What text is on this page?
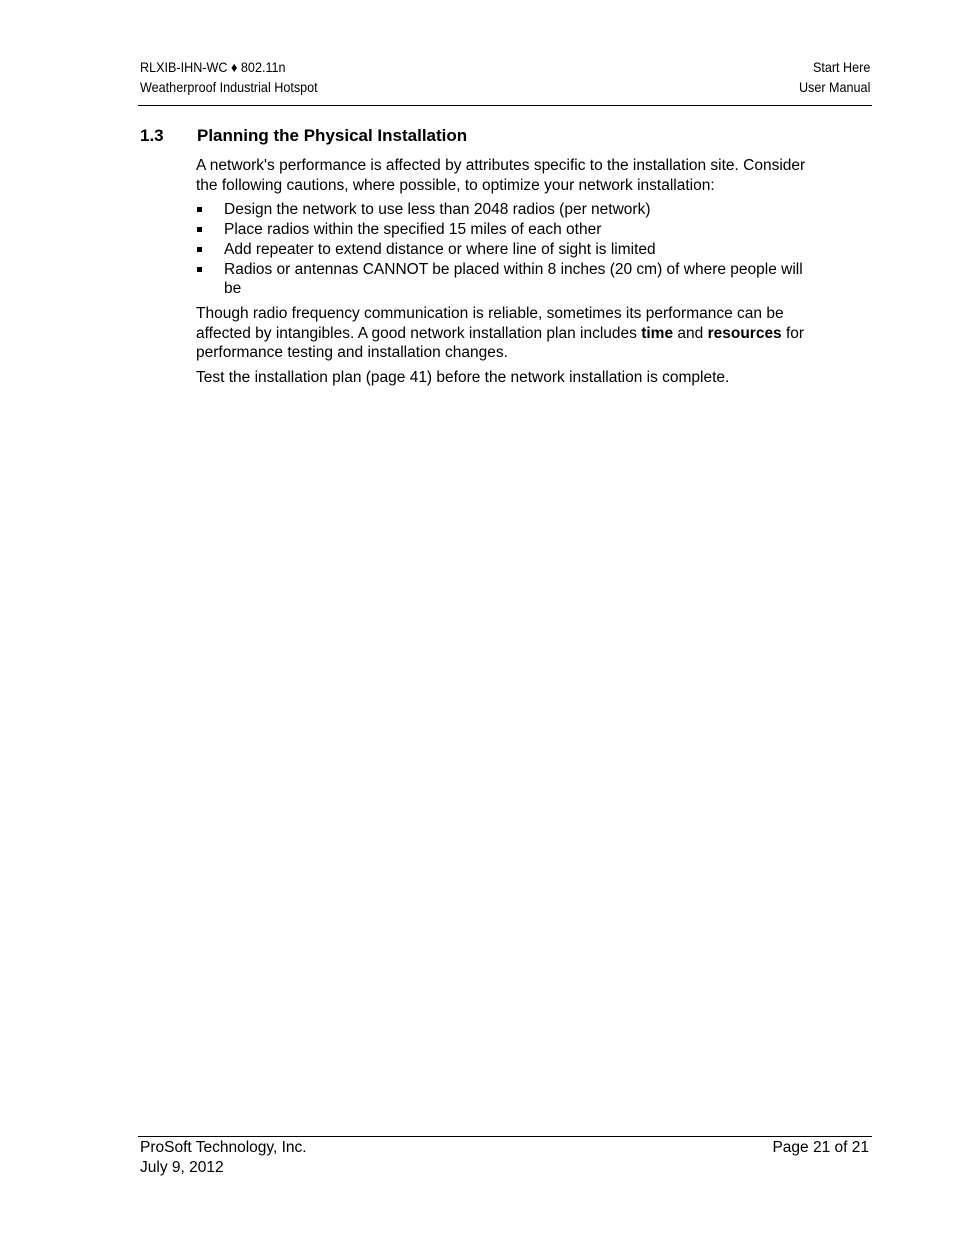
RLXIB-IHN-WC ♦ 802.11n
Weatherproof Industrial Hotspot
Start Here
User Manual
1.3 Planning the Physical Installation

A network's performance is affected by attributes specific to the installation site. Consider the following cautions, where possible, to optimize your network installation:

Design the network to use less than 2048 radios (per network)
Place radios within the specified 15 miles of each other
Add repeater to extend distance or where line of sight is limited
Radios or antennas CANNOT be placed within 8 inches (20 cm) of where people will be

Though radio frequency communication is reliable, sometimes its performance can be affected by intangibles. A good network installation plan includes time and resources for performance testing and installation changes.

Test the installation plan (page 41) before the network installation is complete.

ProSoft Technology, Inc.
July 9, 2012
Page 21 of 21
